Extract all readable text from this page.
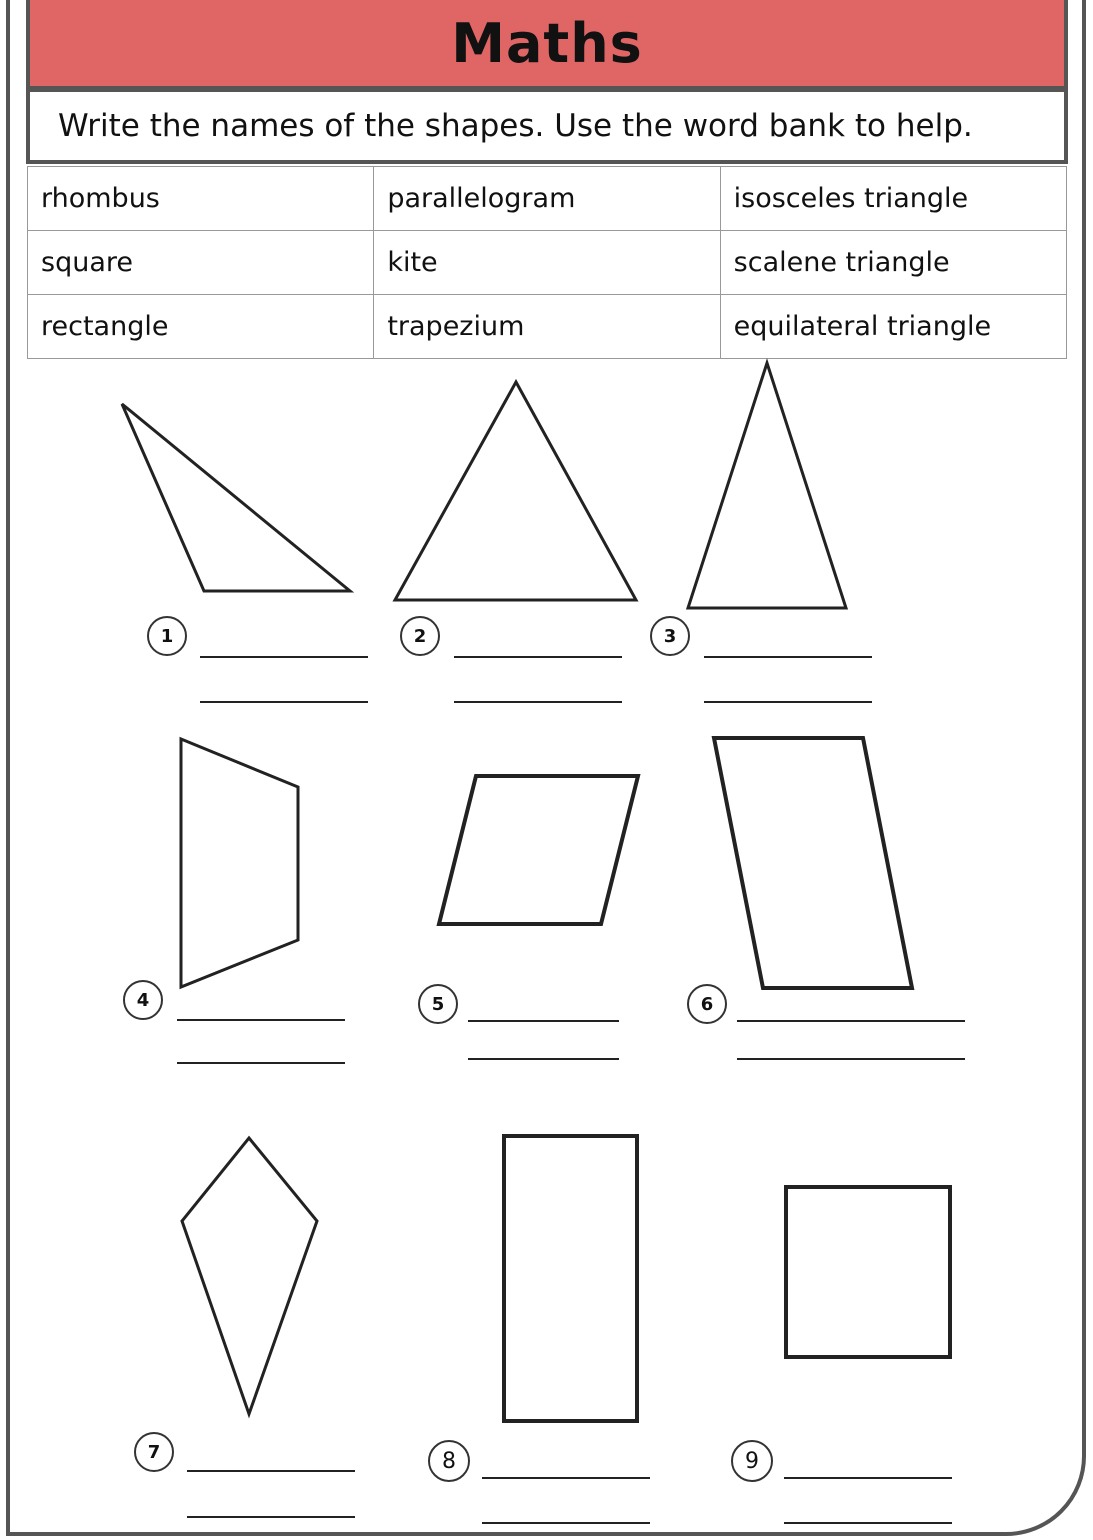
Maths
Write the names of the shapes. Use the word bank to help.
rhombus	parallelogram	isosceles triangle
square	kite	scalene triangle
rectangle	trapezium	equilateral triangle
1	2	3
4	5	6
7	8	9
